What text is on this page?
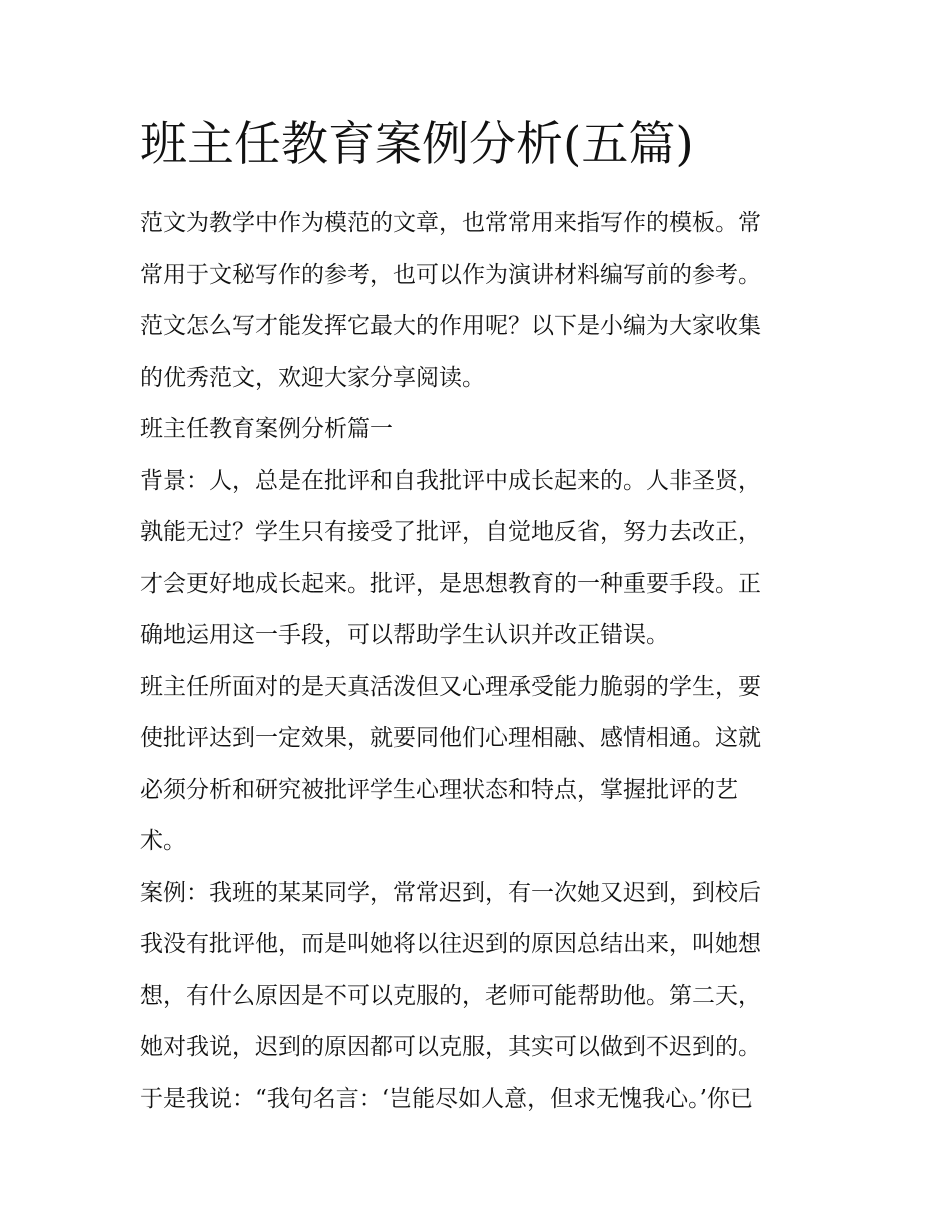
班主任教育案例分析(五篇)
范文为教学中作为模范的文章，也常常用来指写作的模板。常
常用于文秘写作的参考，也可以作为演讲材料编写前的参考。
范文怎么写才能发挥它最大的作用呢？以下是小编为大家收集
的优秀范文，欢迎大家分享阅读。
班主任教育案例分析篇一
背景：人，总是在批评和自我批评中成长起来的。人非圣贤，
孰能无过？学生只有接受了批评，自觉地反省，努力去改正，
才会更好地成长起来。批评，是思想教育的一种重要手段。正
确地运用这一手段，可以帮助学生认识并改正错误。
班主任所面对的是天真活泼但又心理承受能力脆弱的学生，要
使批评达到一定效果，就要同他们心理相融、感情相通。这就
必须分析和研究被批评学生心理状态和特点，掌握批评的艺
术。
案例：我班的某某同学，常常迟到，有一次她又迟到，到校后
我没有批评他，而是叫她将以往迟到的原因总结出来，叫她想
想，有什么原因是不可以克服的，老师可能帮助他。第二天，
她对我说，迟到的原因都可以克服，其实可以做到不迟到的。
于是我说：“我句名言：‘岂能尽如人意，但求无愧我心。’你已
